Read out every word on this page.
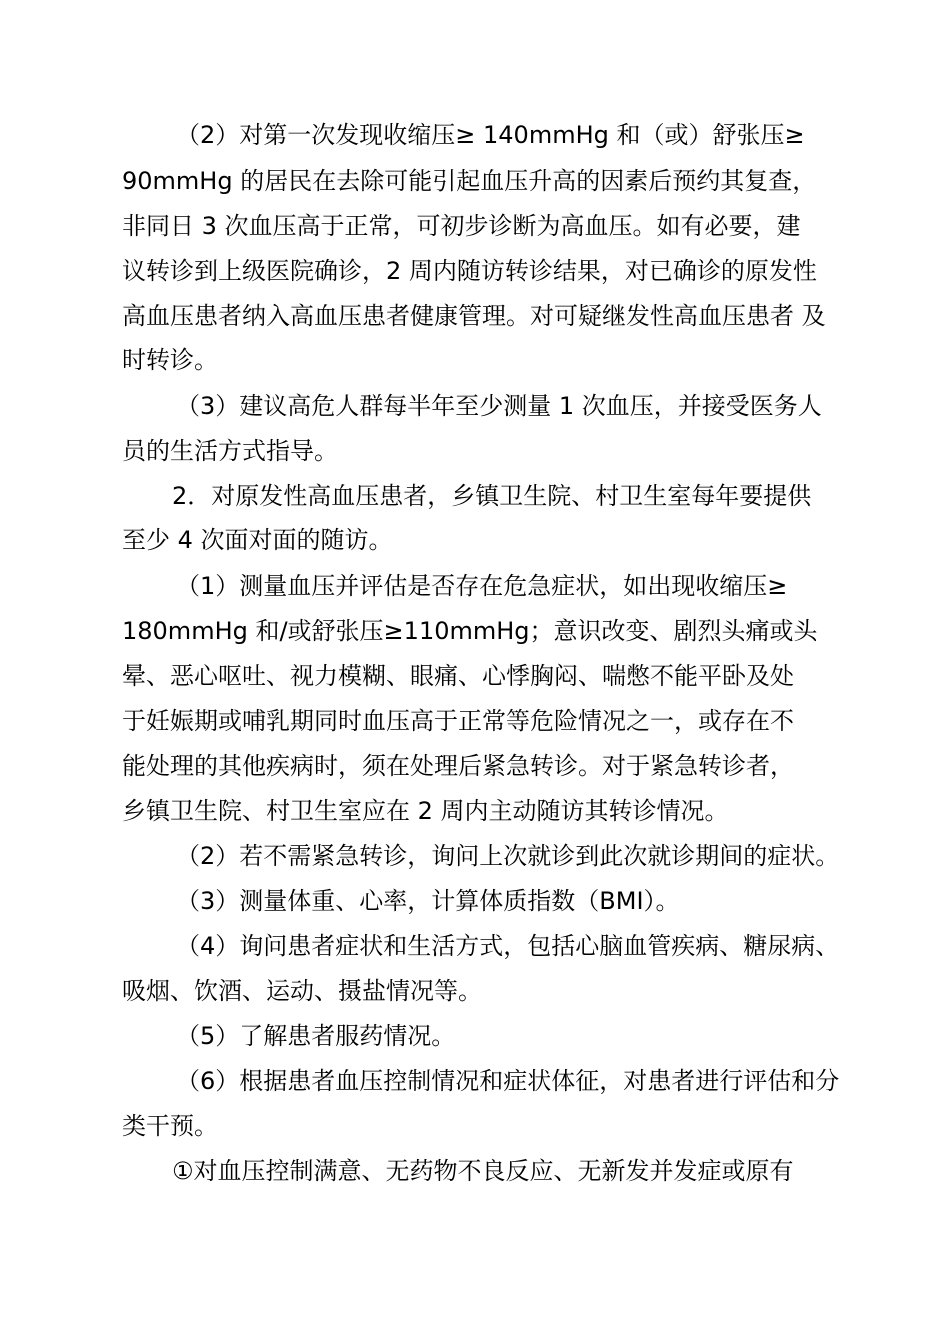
（2）对第一次发现收缩压≥ 140mmHg 和（或）舒张压≥
90mmHg 的居民在去除可能引起血压升高的因素后预约其复查，
非同日 3 次血压高于正常，可初步诊断为高血压。如有必要，建
议转诊到上级医院确诊，2 周内随访转诊结果，对已确诊的原发性
高血压患者纳入高血压患者健康管理。对可疑继发性高血压患者 及
时转诊。
（3）建议高危人群每半年至少测量 1 次血压，并接受医务人
员的生活方式指导。
2．对原发性高血压患者，乡镇卫生院、村卫生室每年要提供
至少 4 次面对面的随访。
（1）测量血压并评估是否存在危急症状，如出现收缩压≥
180mmHg 和/或舒张压≥110mmHg；意识改变、剧烈头痛或头
晕、恶心呕吐、视力模糊、眼痛、心悸胸闷、喘憋不能平卧及处
于妊娠期或哺乳期同时血压高于正常等危险情况之一，或存在不
能处理的其他疾病时，须在处理后紧急转诊。对于紧急转诊者，
乡镇卫生院、村卫生室应在 2 周内主动随访其转诊情况。
（2）若不需紧急转诊，询问上次就诊到此次就诊期间的症状。
（3）测量体重、心率，计算体质指数（BMI）。
（4）询问患者症状和生活方式，包括心脑血管疾病、糖尿病、
吸烟、饮酒、运动、摄盐情况等。
（5）了解患者服药情况。
（6）根据患者血压控制情况和症状体征，对患者进行评估和分
类干预。
①对血压控制满意、无药物不良反应、无新发并发症或原有
